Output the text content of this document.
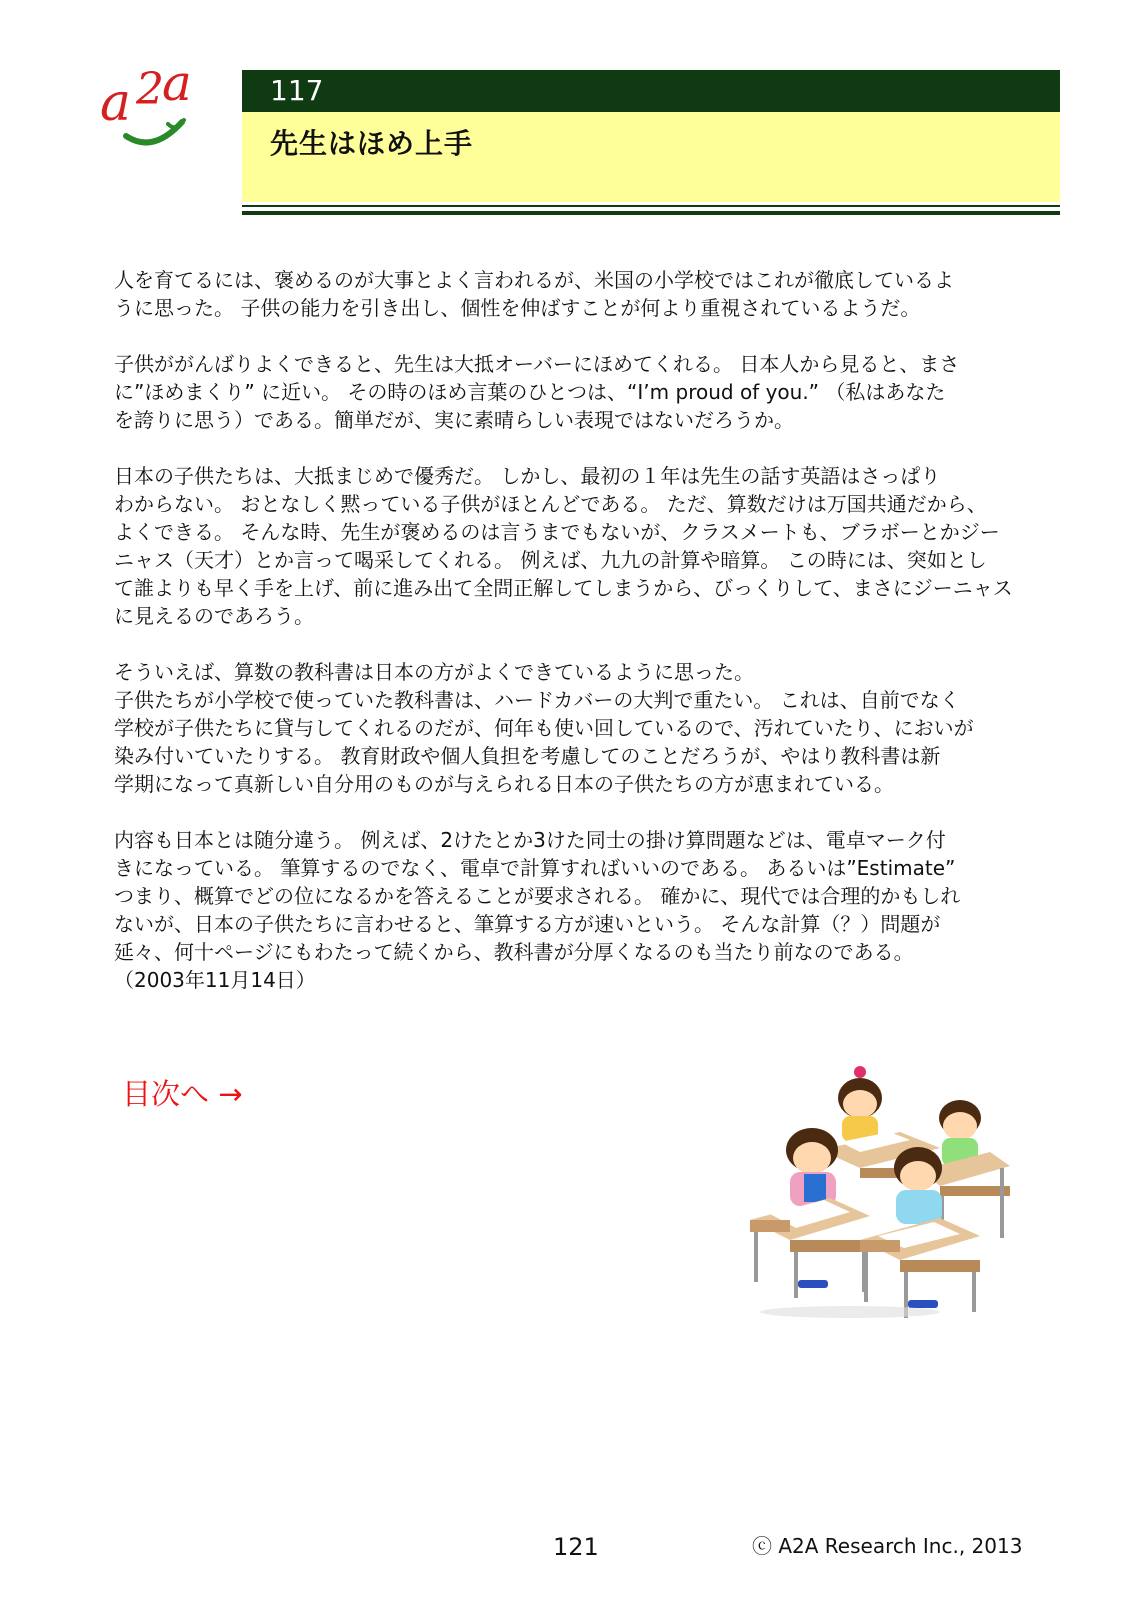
a 2
a	117
先生はほめ上手

人を育てるには、褒めるのが大事とよく言われるが、米国の小学校ではこれが徹底しているよ
うに思った。 子供の能力を引き出し、個性を伸ばすことが何より重視されているようだ。

子供ががんばりよくできると、先生は大抵オーバーにほめてくれる。 日本人から見ると、まさ
に”ほめまくり” に近い。 その時のほめ言葉のひとつは、“I’m proud of you.” （私はあなた
を誇りに思う）である。簡単だが、実に素晴らしい表現ではないだろうか。

日本の子供たちは、大抵まじめで優秀だ。 しかし、最初の１年は先生の話す英語はさっぱり
わからない。 おとなしく黙っている子供がほとんどである。 ただ、算数だけは万国共通だから、
よくできる。 そんな時、先生が褒めるのは言うまでもないが、クラスメートも、ブラボーとかジー
ニャス（天才）とか言って喝采してくれる。 例えば、九九の計算や暗算。 この時には、突如とし
て誰よりも早く手を上げ、前に進み出て全問正解してしまうから、びっくりして、まさにジーニャス
に見えるのであろう。

そういえば、算数の教科書は日本の方がよくできているように思った。
子供たちが小学校で使っていた教科書は、ハードカバーの大判で重たい。 これは、自前でなく
学校が子供たちに貸与してくれるのだが、何年も使い回しているので、汚れていたり、においが
染み付いていたりする。 教育財政や個人負担を考慮してのことだろうが、やはり教科書は新
学期になって真新しい自分用のものが与えられる日本の子供たちの方が恵まれている。

内容も日本とは随分違う。 例えば、2けたとか3けた同士の掛け算問題などは、電卓マーク付
きになっている。 筆算するのでなく、電卓で計算すればいいのである。 あるいは”Estimate”
つまり、概算でどの位になるかを答えることが要求される。 確かに、現代では合理的かもしれ
ないが、日本の子供たちに言わせると、筆算する方が速いという。 そんな計算（？）問題が
延々、何十ページにもわたって続くから、教科書が分厚くなるのも当たり前なのである。

（2003年11月14日）

目次へ →
121	ⓒ A2A Research Inc., 2013
